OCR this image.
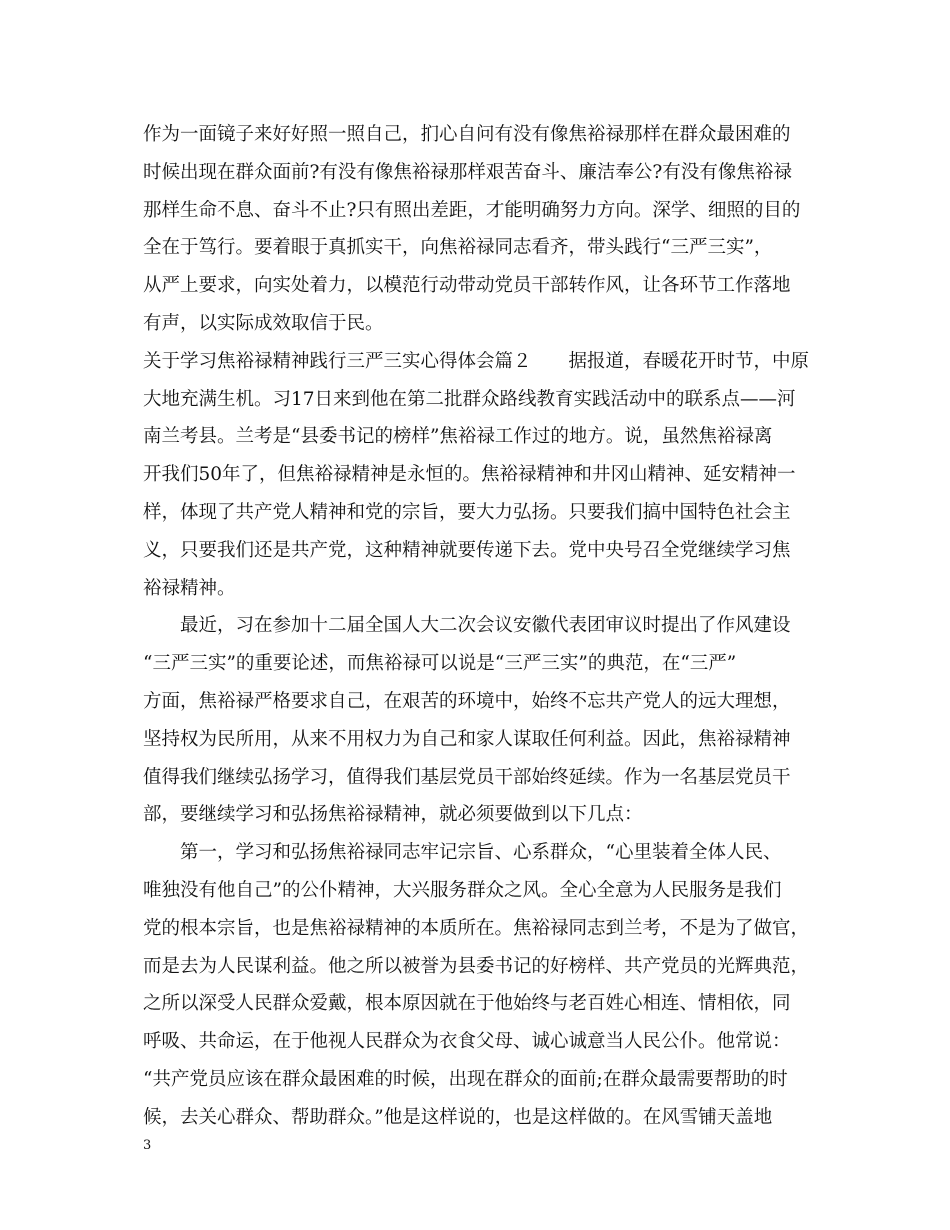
作为一面镜子来好好照一照自己，扪心自问有没有像焦裕禄那样在群众最困难的
时候出现在群众面前?有没有像焦裕禄那样艰苦奋斗、廉洁奉公?有没有像焦裕禄
那样生命不息、奋斗不止?只有照出差距，才能明确努力方向。深学、细照的目的
全在于笃行。要着眼于真抓实干，向焦裕禄同志看齐，带头践行“三严三实”，
从严上要求，向实处着力，以模范行动带动党员干部转作风，让各环节工作落地
有声，以实际成效取信于民。
关于学习焦裕禄精神践行三严三实心得体会篇２　　据报道，春暖花开时节，中原
大地充满生机。习17日来到他在第二批群众路线教育实践活动中的联系点——河
南兰考县。兰考是“县委书记的榜样”焦裕禄工作过的地方。说，虽然焦裕禄离
开我们50年了，但焦裕禄精神是永恒的。焦裕禄精神和井冈山精神、延安精神一
样，体现了共产党人精神和党的宗旨，要大力弘扬。只要我们搞中国特色社会主
义，只要我们还是共产党，这种精神就要传递下去。党中央号召全党继续学习焦
裕禄精神。
　　最近，习在参加十二届全国人大二次会议安徽代表团审议时提出了作风建设
“三严三实”的重要论述，而焦裕禄可以说是“三严三实”的典范，在“三严”
方面，焦裕禄严格要求自己，在艰苦的环境中，始终不忘共产党人的远大理想，
坚持权为民所用，从来不用权力为自己和家人谋取任何利益。因此，焦裕禄精神
值得我们继续弘扬学习，值得我们基层党员干部始终延续。作为一名基层党员干
部，要继续学习和弘扬焦裕禄精神，就必须要做到以下几点：
　　第一，学习和弘扬焦裕禄同志牢记宗旨、心系群众，“心里装着全体人民、
唯独没有他自己”的公仆精神，大兴服务群众之风。全心全意为人民服务是我们
党的根本宗旨，也是焦裕禄精神的本质所在。焦裕禄同志到兰考，不是为了做官，
而是去为人民谋利益。他之所以被誉为县委书记的好榜样、共产党员的光辉典范，
之所以深受人民群众爱戴，根本原因就在于他始终与老百姓心相连、情相依，同
呼吸、共命运，在于他视人民群众为衣食父母、诚心诚意当人民公仆。他常说：
“共产党员应该在群众最困难的时候，出现在群众的面前;在群众最需要帮助的时
候，去关心群众、帮助群众。”他是这样说的，也是这样做的。在风雪铺天盖地
3
